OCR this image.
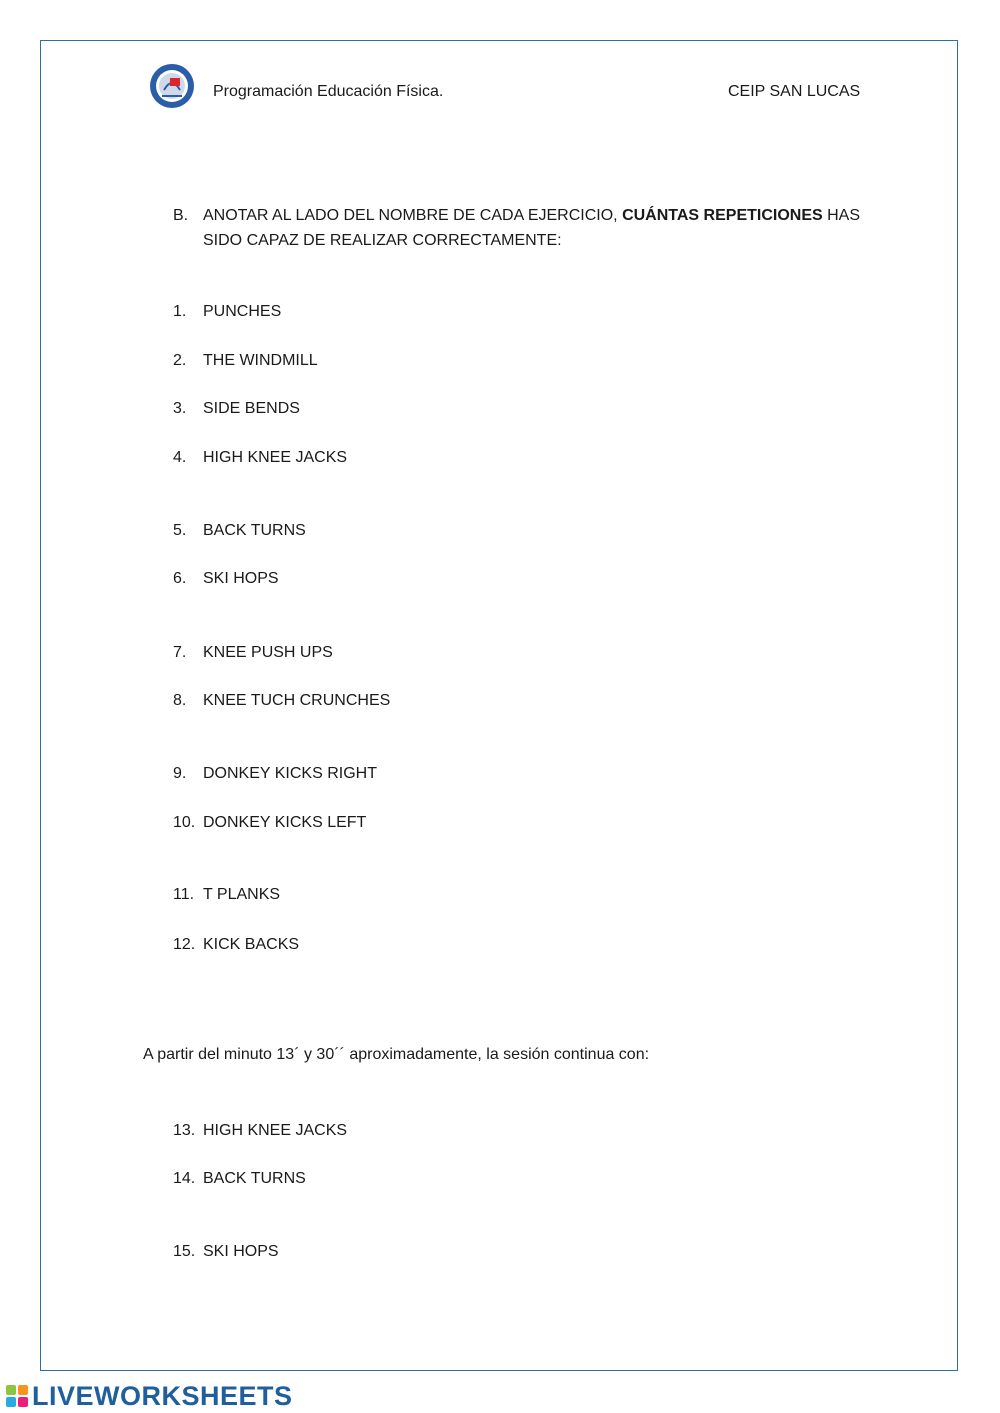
Programación Educación Física.	CEIP SAN LUCAS
B. ANOTAR AL LADO DEL NOMBRE DE CADA EJERCICIO, CUÁNTAS REPETICIONES HAS SIDO CAPAZ DE REALIZAR CORRECTAMENTE:
1. PUNCHES
2. THE WINDMILL
3. SIDE BENDS
4. HIGH KNEE JACKS
5. BACK TURNS
6. SKI HOPS
7. KNEE PUSH UPS
8. KNEE TUCH CRUNCHES
9. DONKEY KICKS RIGHT
10. DONKEY KICKS LEFT
11. T PLANKS
12. KICK BACKS
A partir del minuto 13´ y 30´´ aproximadamente, la sesión continua con:
13. HIGH KNEE JACKS
14. BACK TURNS
15. SKI HOPS
LIVEWORKSHEETS
